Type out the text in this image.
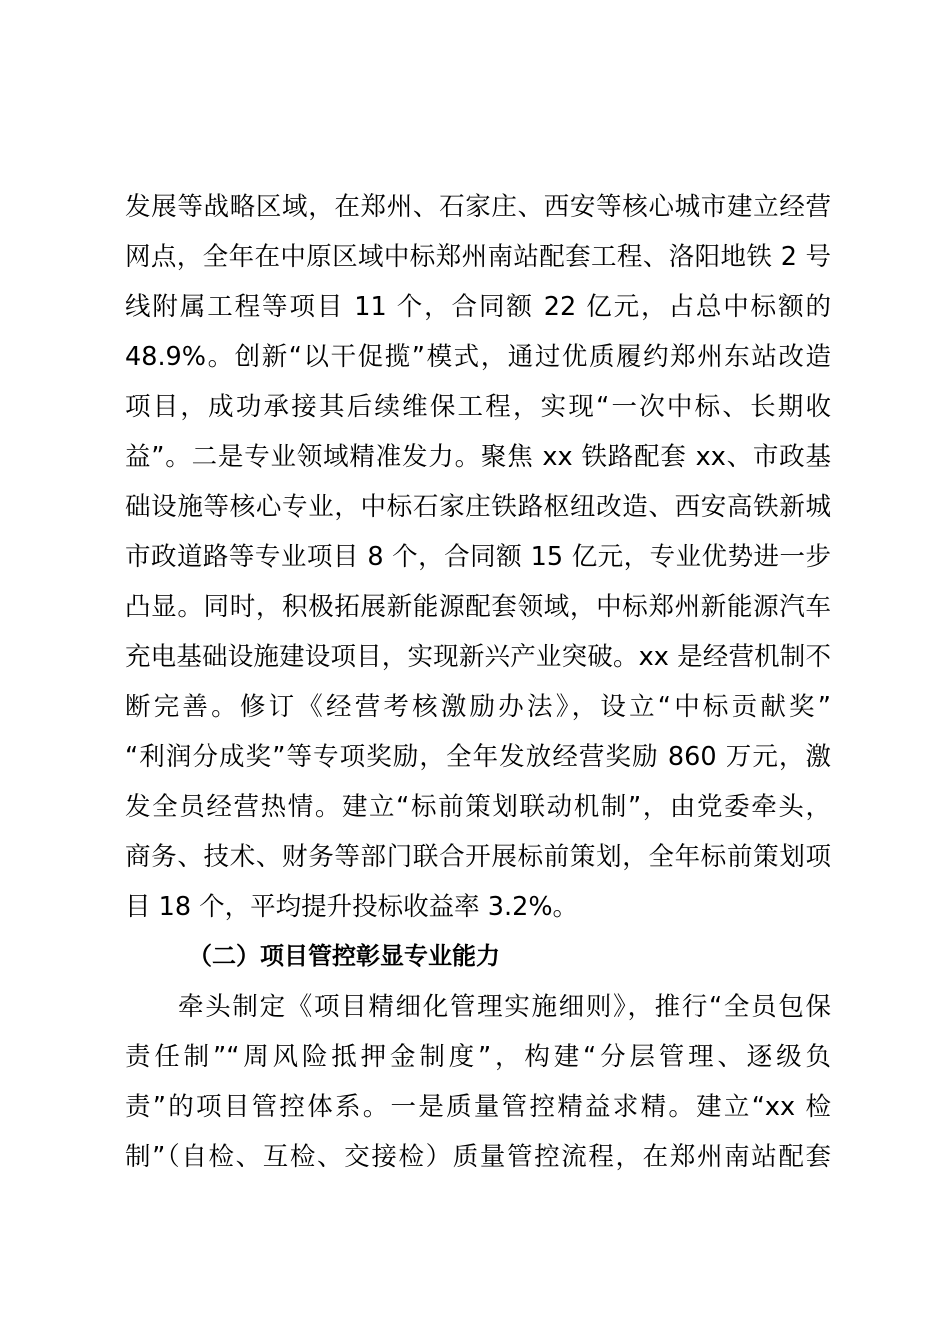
发展等战略区域，在郑州、石家庄、西安等核心城市建立经营
网点，全年在中原区域中标郑州南站配套工程、洛阳地铁 2 号
线附属工程等项目 11 个，合同额 22 亿元，占总中标额的
48.9%。创新“以干促揽”模式，通过优质履约郑州东站改造
项目，成功承接其后续维保工程，实现“一次中标、长期收
益”。二是专业领域精准发力。聚焦 xx 铁路配套 xx、市政基
础设施等核心专业，中标石家庄铁路枢纽改造、西安高铁新城
市政道路等专业项目 8 个，合同额 15 亿元，专业优势进一步
凸显。同时，积极拓展新能源配套领域，中标郑州新能源汽车
充电基础设施建设项目，实现新兴产业突破。xx 是经营机制不
断完善。修订《经营考核激励办法》，设立“中标贡献奖”
“利润分成奖”等专项奖励，全年发放经营奖励 860 万元，激
发全员经营热情。建立“标前策划联动机制”，由党委牵头，
商务、技术、财务等部门联合开展标前策划，全年标前策划项
目 18 个，平均提升投标收益率 3.2%。
（二）项目管控彰显专业能力
牵头制定《项目精细化管理实施细则》，推行“全员包保
责任制”“周风险抵押金制度”，构建“分层管理、逐级负
责”的项目管控体系。一是质量管控精益求精。建立“xx 检
制”（自检、互检、交接检）质量管控流程，在郑州南站配套
